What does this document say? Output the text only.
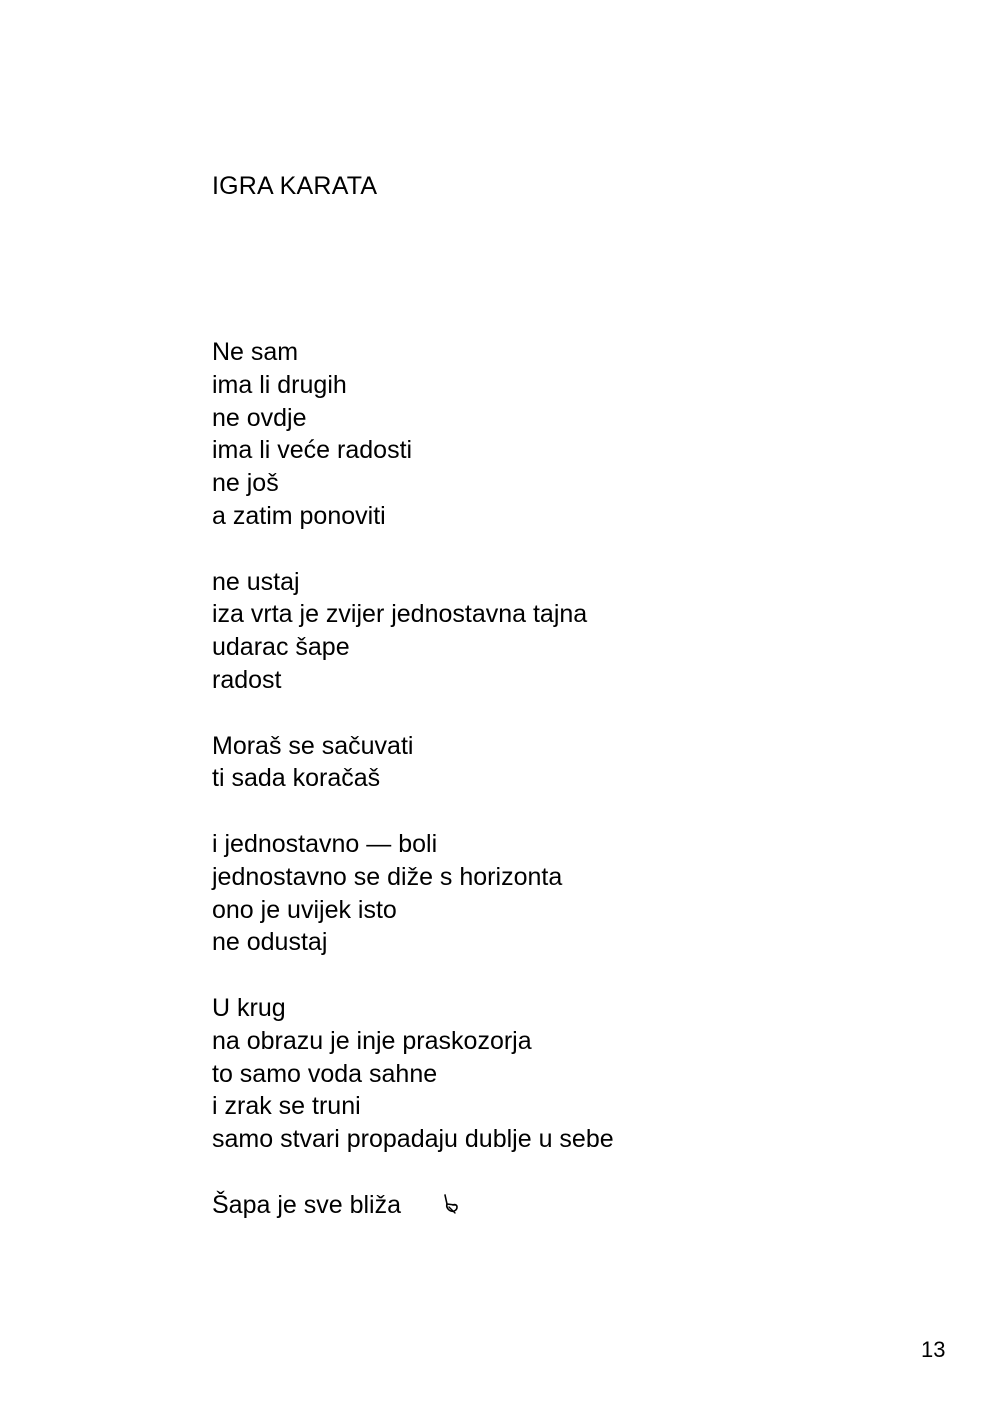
IGRA KARATA
Ne sam
ima li drugih
ne ovdje
ima li veće radosti
ne još
a zatim ponoviti
ne ustaj
iza vrta je zvijer jednostavna tajna
udarac šape
radost
Moraš se sačuvati
ti sada koračaš
i jednostavno — boli
jednostavno se diže s horizonta
ono je uvijek isto
ne odustaj
U krug
na obrazu je inje praskozorja
to samo voda sahne
i zrak se truni
samo stvari propadaju dublje u sebe
Šapa je sve bliža
13
